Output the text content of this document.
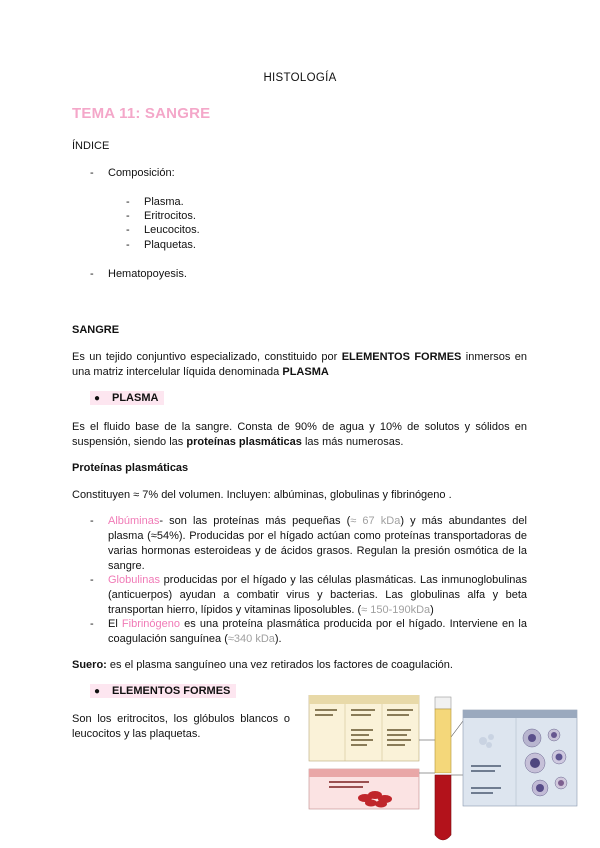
HISTOLOGÍA
TEMA 11: SANGRE
ÍNDICE
- Composición:
- Plasma.
- Eritrocitos.
- Leucocitos.
- Plaquetas.
- Hematopoyesis.
SANGRE
Es un tejido conjuntivo especializado, constituido por ELEMENTOS FORMES inmersos en
una matriz intercelular líquida denominada PLASMA
● PLASMA
Es el fluido base de la sangre. Consta de 90% de agua y 10% de solutos y sólidos en
suspensión, siendo las proteínas plasmáticas las más numerosas.
Proteínas plasmáticas
Constituyen ≈ 7% del volumen. Incluyen: albúminas, globulinas y fibrinógeno .
- Albúminas- son las proteínas más pequeñas (≈ 67 kDa) y más abundantes del
plasma (≈54%). Producidas por el hígado actúan como proteínas transportadoras de
varias hormonas esteroideas y de ácidos grasos. Regulan la presión osmótica de la
sangre.
- Globulinas producidas por el hígado y las células plasmáticas. Las inmunoglobulinas
(anticuerpos) ayudan a combatir virus y bacterias. Las globulinas alfa y beta
transportan hierro, lípidos y vitaminas liposolubles. (≈ 150-190kDa)
- El Fibrinógeno es una proteína plasmática producida por el hígado. Interviene en la
coagulación sanguínea (≈340 kDa).
Suero: es el plasma sanguíneo una vez retirados los factores de coagulación.
● ELEMENTOS FORMES
Son los eritrocitos, los glóbulos blancos o
leucocitos y las plaquetas.
